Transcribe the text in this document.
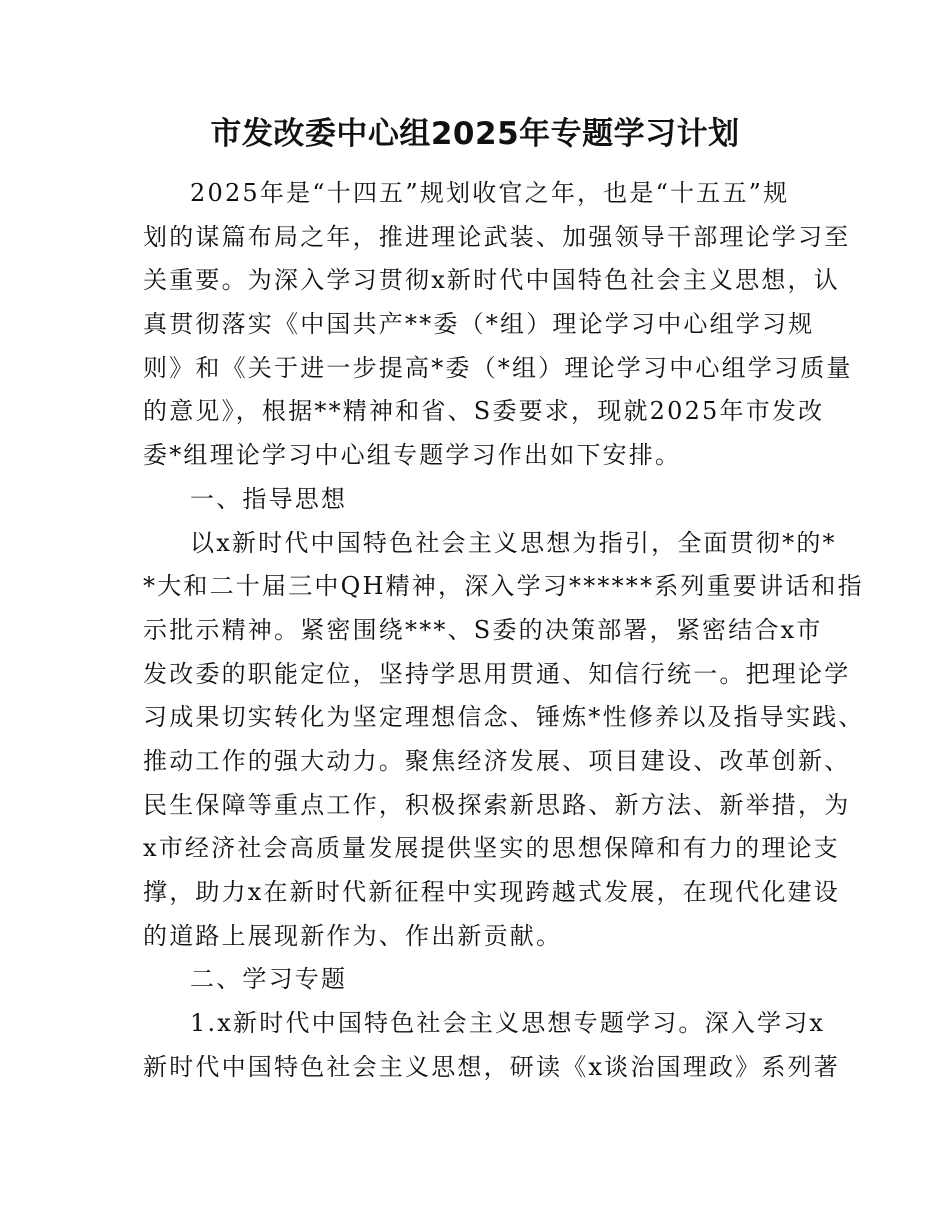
市发改委中心组2025年专题学习计划
2025年是“十四五”规划收官之年，也是“十五五”规
划的谋篇布局之年，推进理论武装、加强领导干部理论学习至
关重要。为深入学习贯彻x新时代中国特色社会主义思想，认
真贯彻落实《中国共产**委（*组）理论学习中心组学习规
则》和《关于进一步提高*委（*组）理论学习中心组学习质量
的意见》，根据**精神和省、S委要求，现就2025年市发改
委*组理论学习中心组专题学习作出如下安排。
一、指导思想
以x新时代中国特色社会主义思想为指引，全面贯彻*的*
*大和二十届三中QH精神，深入学习******系列重要讲话和指
示批示精神。紧密围绕***、S委的决策部署，紧密结合x市
发改委的职能定位，坚持学思用贯通、知信行统一。把理论学
习成果切实转化为坚定理想信念、锤炼*性修养以及指导实践、
推动工作的强大动力。聚焦经济发展、项目建设、改革创新、
民生保障等重点工作，积极探索新思路、新方法、新举措，为
x市经济社会高质量发展提供坚实的思想保障和有力的理论支
撑，助力x在新时代新征程中实现跨越式发展，在现代化建设
的道路上展现新作为、作出新贡献。
二、学习专题
1.x新时代中国特色社会主义思想专题学习。深入学习x
新时代中国特色社会主义思想，研读《x谈治国理政》系列著
